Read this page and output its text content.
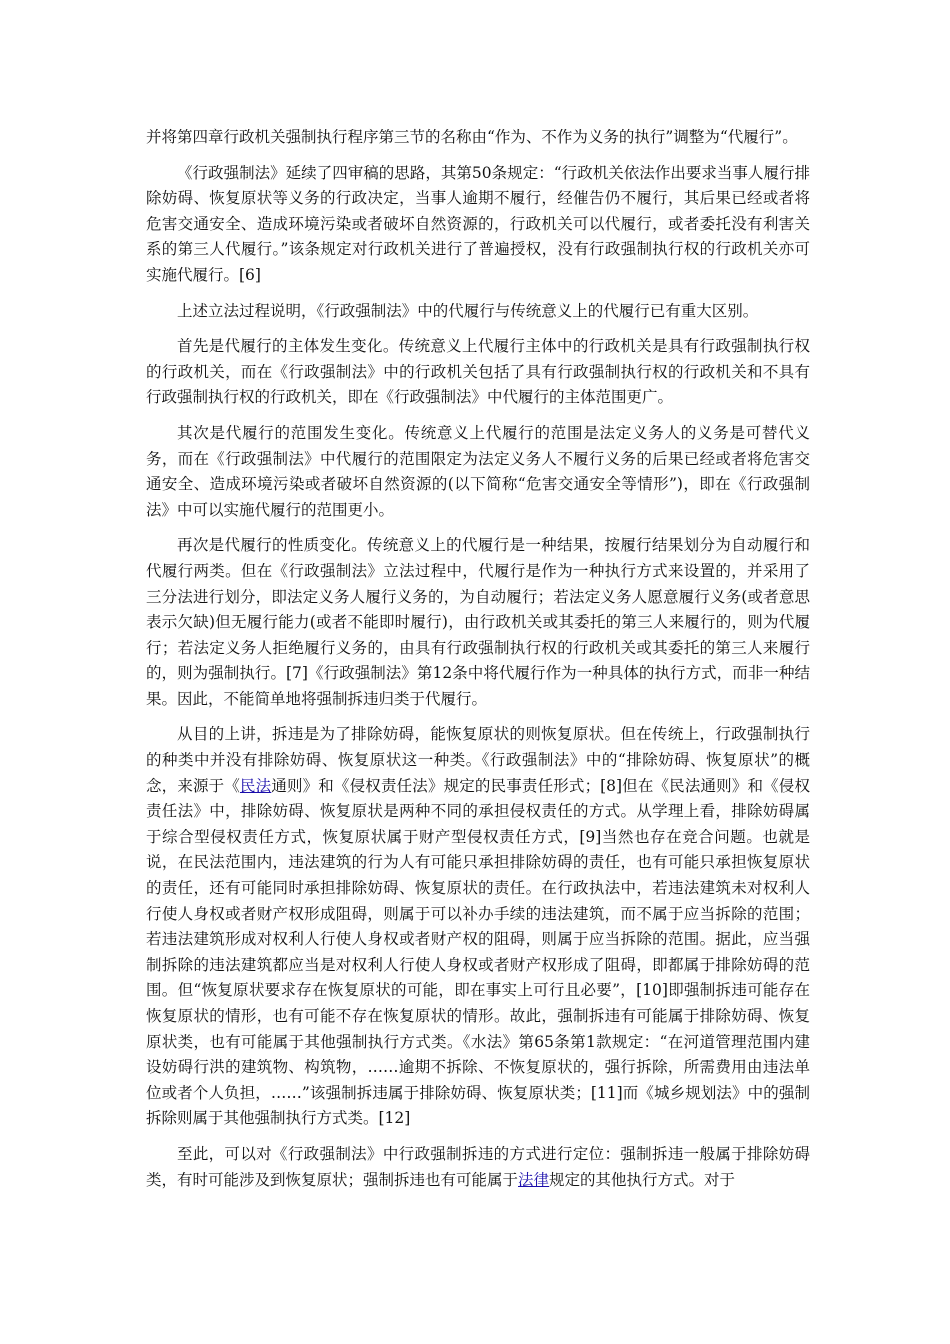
并将第四章行政机关强制执行程序第三节的名称由“作为、不作为义务的执行”调整为“代履行”。

《行政强制法》延续了四审稿的思路，其第50条规定：“行政机关依法作出要求当事人履行排除妨碍、恢复原状等义务的行政决定，当事人逾期不履行，经催告仍不履行，其后果已经或者将危害交通安全、造成环境污染或者破坏自然资源的，行政机关可以代履行，或者委托没有利害关系的第三人代履行。”该条规定对行政机关进行了普遍授权，没有行政强制执行权的行政机关亦可实施代履行。[6]

上述立法过程说明，《行政强制法》中的代履行与传统意义上的代履行已有重大区别。

首先是代履行的主体发生变化。传统意义上代履行主体中的行政机关是具有行政强制执行权的行政机关，而在《行政强制法》中的行政机关包括了具有行政强制执行权的行政机关和不具有行政强制执行权的行政机关，即在《行政强制法》中代履行的主体范围更广。

其次是代履行的范围发生变化。传统意义上代履行的范围是法定义务人的义务是可替代义务，而在《行政强制法》中代履行的范围限定为法定义务人不履行义务的后果已经或者将危害交通安全、造成环境污染或者破坏自然资源的(以下简称“危害交通安全等情形”)，即在《行政强制法》中可以实施代履行的范围更小。

再次是代履行的性质变化。传统意义上的代履行是一种结果，按履行结果划分为自动履行和代履行两类。但在《行政强制法》立法过程中，代履行是作为一种执行方式来设置的，并采用了三分法进行划分，即法定义务人履行义务的，为自动履行；若法定义务人愿意履行义务(或者意思表示欠缺)但无履行能力(或者不能即时履行)，由行政机关或其委托的第三人来履行的，则为代履行；若法定义务人拒绝履行义务的，由具有行政强制执行权的行政机关或其委托的第三人来履行的，则为强制执行。[7]《行政强制法》第12条中将代履行作为一种具体的执行方式，而非一种结果。因此，不能简单地将强制拆违归类于代履行。

从目的上讲，拆违是为了排除妨碍，能恢复原状的则恢复原状。但在传统上，行政强制执行的种类中并没有排除妨碍、恢复原状这一种类。《行政强制法》中的“排除妨碍、恢复原状”的概念，来源于《民法通则》和《侵权责任法》规定的民事责任形式；[8]但在《民法通则》和《侵权责任法》中，排除妨碍、恢复原状是两种不同的承担侵权责任的方式。从学理上看，排除妨碍属于综合型侵权责任方式，恢复原状属于财产型侵权责任方式，[9]当然也存在竞合问题。也就是说，在民法范围内，违法建筑的行为人有可能只承担排除妨碍的责任，也有可能只承担恢复原状的责任，还有可能同时承担排除妨碍、恢复原状的责任。在行政执法中，若违法建筑未对权利人行使人身权或者财产权形成阻碍，则属于可以补办手续的违法建筑，而不属于应当拆除的范围；若违法建筑形成对权利人行使人身权或者财产权的阻碍，则属于应当拆除的范围。据此，应当强制拆除的违法建筑都应当是对权利人行使人身权或者财产权形成了阻碍，即都属于排除妨碍的范围。但“恢复原状要求存在恢复原状的可能，即在事实上可行且必要”，[10]即强制拆违可能存在恢复原状的情形，也有可能不存在恢复原状的情形。故此，强制拆违有可能属于排除妨碍、恢复原状类，也有可能属于其他强制执行方式类。《水法》第65条第1款规定：“在河道管理范围内建设妨碍行洪的建筑物、构筑物，……逾期不拆除、不恢复原状的，强行拆除，所需费用由违法单位或者个人负担，……”该强制拆违属于排除妨碍、恢复原状类；[11]而《城乡规划法》中的强制拆除则属于其他强制执行方式类。[12]

至此，可以对《行政强制法》中行政强制拆违的方式进行定位：强制拆违一般属于排除妨碍类，有时可能涉及到恢复原状；强制拆违也有可能属于法律规定的其他执行方式。对于
